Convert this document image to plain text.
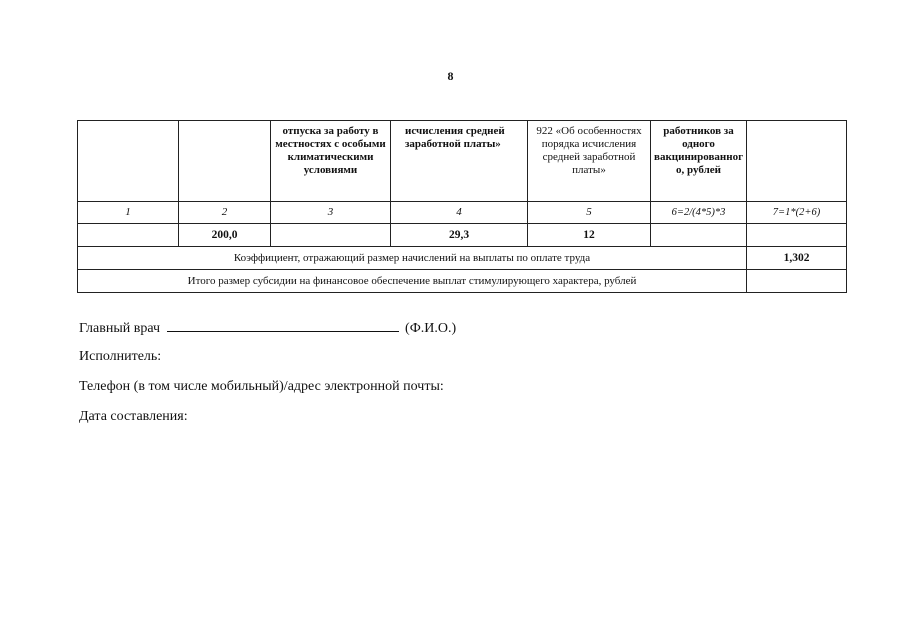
8
		отпуска за работу в местностях с особыми климатическими условиями	исчисления средней заработной платы»	922 «Об особенностях порядка исчисления средней заработной платы»	работников за одного вакцинированног о, рублей	
1	2	3	4	5	6=2/(4*5)*3	7=1*(2+6)
	200,0		29,3	12		
Коэффициент, отражающий размер начислений на выплаты по оплате труда						1,302
Итого размер субсидии на финансовое обеспечение выплат стимулирующего характера, рублей						
Главный врач	(Ф.И.О.)
Исполнитель:
Телефон (в том числе мобильный)/адрес электронной почты:
Дата составления:
